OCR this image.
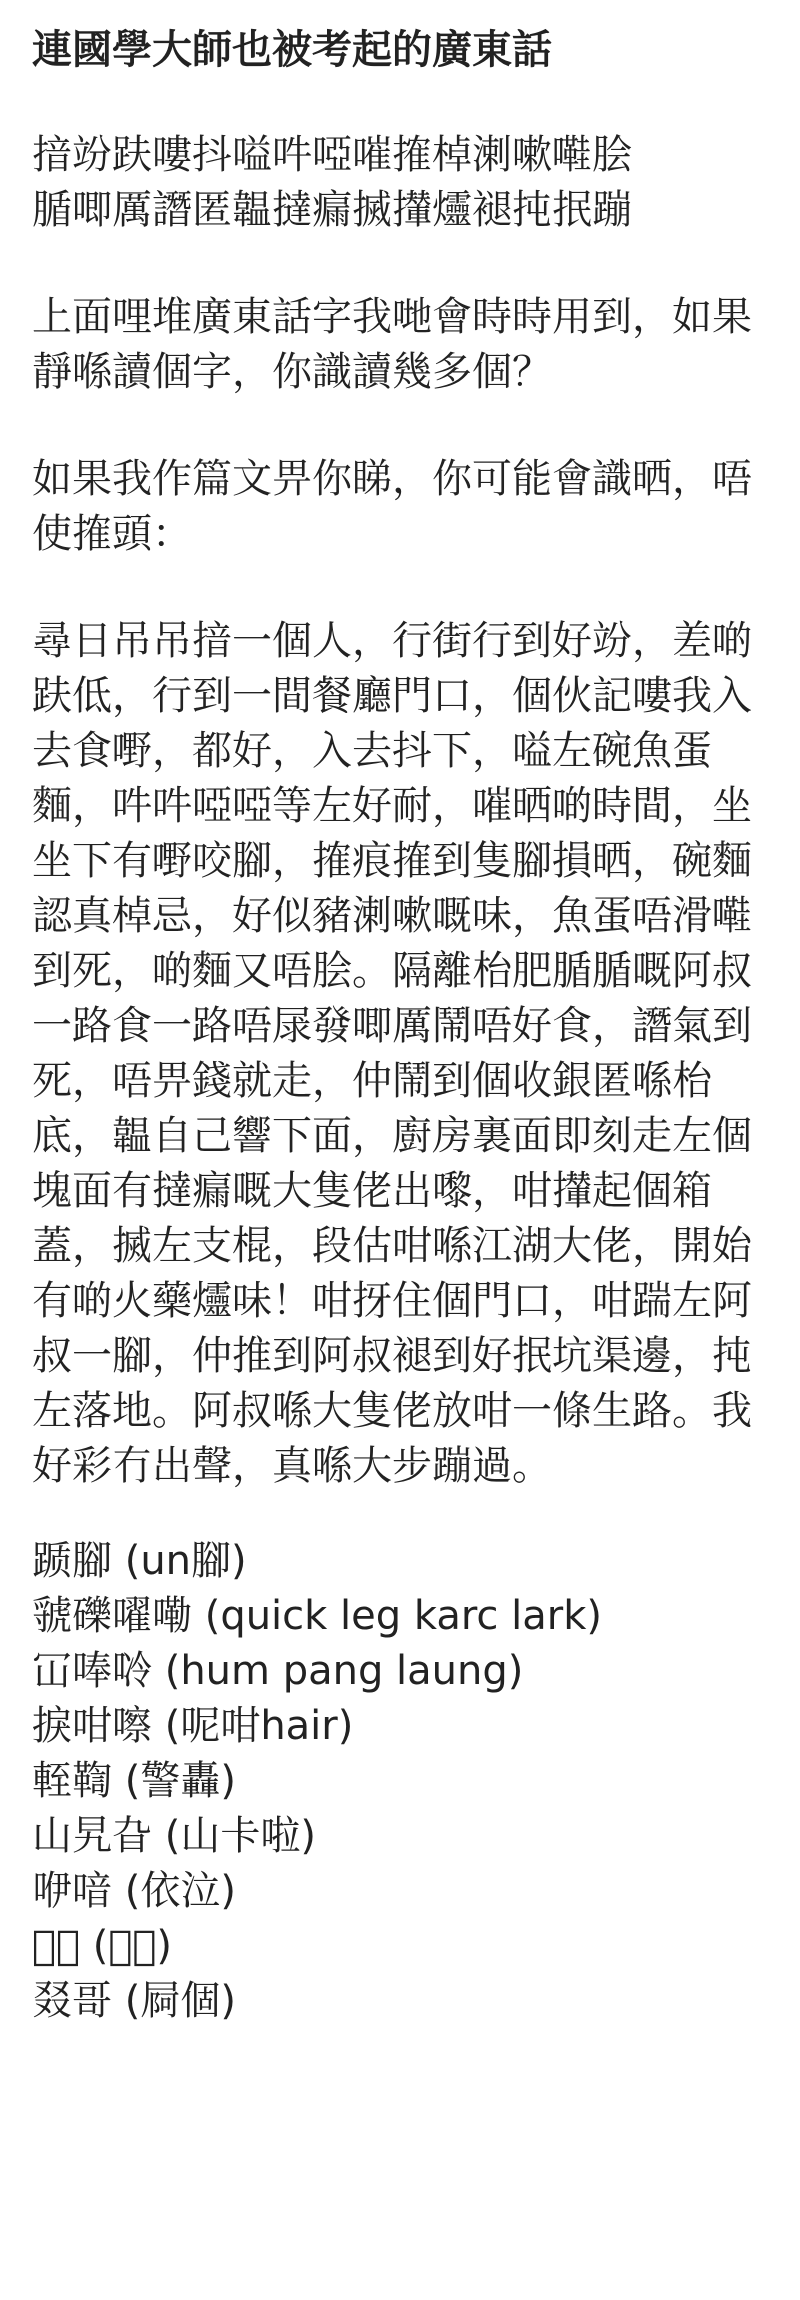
連國學大師也被考起的廣東話

揞竕趺嘍抖嗌吽啞嗺搉棹溂嗽嚡脍

腯唧厲譖匿韞撻瘺搣攆爧褪扽抿蹦

上面哩堆廣東話字我哋會時時用到，如果靜喺讀個字，你識讀幾多個？

如果我作篇文畀你睇，你可能會識晒，唔使搉頭：

尋日吊吊揞一個人，行街行到好竕，差啲趺低，行到一間餐廳門口，個伙記嘍我入去食嘢，都好，入去抖下，嗌左碗魚蛋麵，吽吽啞啞等左好耐，嗺晒啲時間，坐坐下有嘢咬腳，搉痕搉到隻腳損晒，碗麵認真棹忌，好似豬溂嗽嘅味，魚蛋唔滑嚡到死，啲麵又唔脍。隔離枱肥腯腯嘅阿叔一路食一路唔㞗發唧厲鬧唔好食，譖氣到死，唔畀錢就走，仲鬧到個收銀匿喺枱底，韞自己響下面，廚房裏面即刻走左個塊面有撻瘺嘅大隻佬出嚟，咁攆起個箱蓋，搣左支棍，段估咁喺江湖大佬，開始有啲火藥爧味！咁㧎住個門口，咁踹左阿叔一腳，仲推到阿叔褪到好抿坑渠邊，扽左落地。阿叔喺大隻佬放咁一條生路。我好彩冇出聲，真喺大步蹦過。

踬腳 (un腳)
虢礫嚁嘞 (quick leg karc lark)
冚唪唥 (hum pang laung)
捩咁嚓 (呢咁hair)
輊鞫 (警轟)
山旯旮 (山卡啦)
咿喑 (依泣)
𠆳徙 (哪西)
叕哥 (屙個)
